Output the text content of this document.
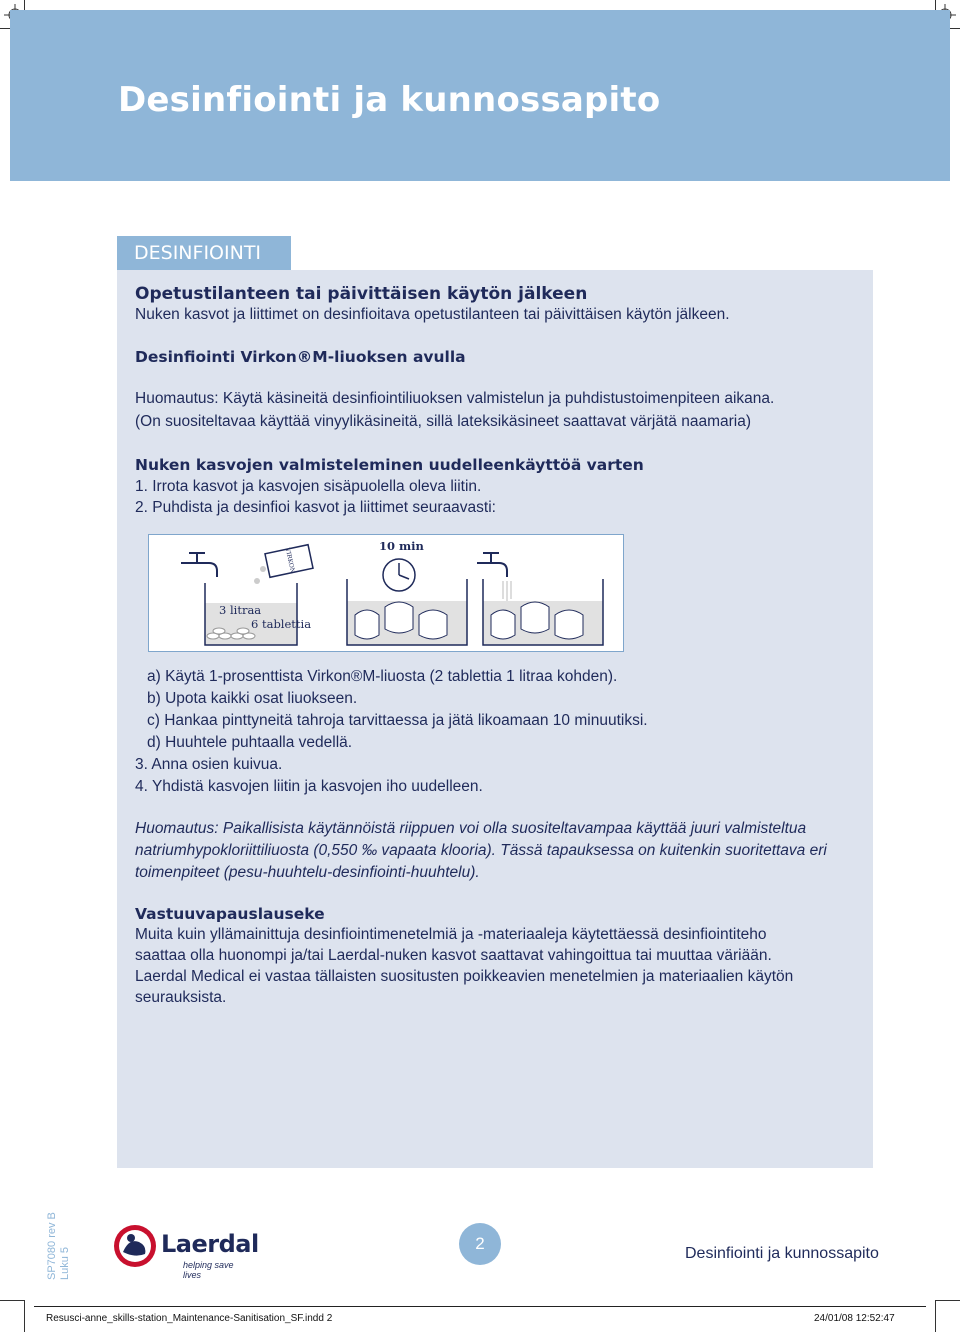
Desinfiointi ja kunnossapito
DESINFIOINTI
Opetustilanteen tai päivittäisen käytön jälkeen
Nuken kasvot ja liittimet on desinfioitava opetustilanteen tai päivittäisen käytön jälkeen.
Desinfiointi Virkon®M-liuoksen avulla
Huomautus: Käytä käsineitä desinfiointiliuoksen valmistelun ja puhdistustoimenpiteen aikana.
(On suositeltavaa käyttää vinyylikäsineitä, sillä lateksikäsineet saattavat värjätä naamaria)
Nuken kasvojen valmisteleminen uudelleenkäyttöä varten
1. Irrota kasvot ja kasvojen sisäpuolella oleva liitin.
2. Puhdista ja desinfioi kasvot ja liittimet seuraavasti:
10 min
3 litraa
6 tablettia
VIRKON
a) Käytä 1-prosenttista Virkon®M-liuosta (2 tablettia 1 litraa kohden).
b) Upota kaikki osat liuokseen.
c) Hankaa pinttyneitä tahroja tarvittaessa ja jätä likoamaan 10 minuutiksi.
d) Huuhtele puhtaalla vedellä.
3. Anna osien kuivua.
4. Yhdistä kasvojen liitin ja kasvojen iho uudelleen.
Huomautus: Paikallisista käytännöistä riippuen voi olla suositeltavampaa käyttää juuri valmisteltua
natriumhypokloriittiliuosta (0,550 ‰ vapaata klooria). Tässä tapauksessa on kuitenkin suoritettava eri
toimenpiteet (pesu-huuhtelu-desinfiointi-huuhtelu).
Vastuuvapauslauseke
Muita kuin yllämainittuja desinfiointimenetelmiä ja -materiaaleja käytettäessä desinfiointiteho
saattaa olla huonompi ja/tai Laerdal-nuken kasvot saattavat vahingoittua tai muuttaa väriään.
Laerdal Medical ei vastaa tällaisten suositusten poikkeavien menetelmien ja materiaalien käytön
seurauksista.
SP7080 rev B Luku 5
Laerdal
helping save lives
2
Desinfiointi ja kunnossapito
Resusci-anne_skills-station_Maintenance-Sanitisation_SF.indd 2	24/01/08 12:52:47
